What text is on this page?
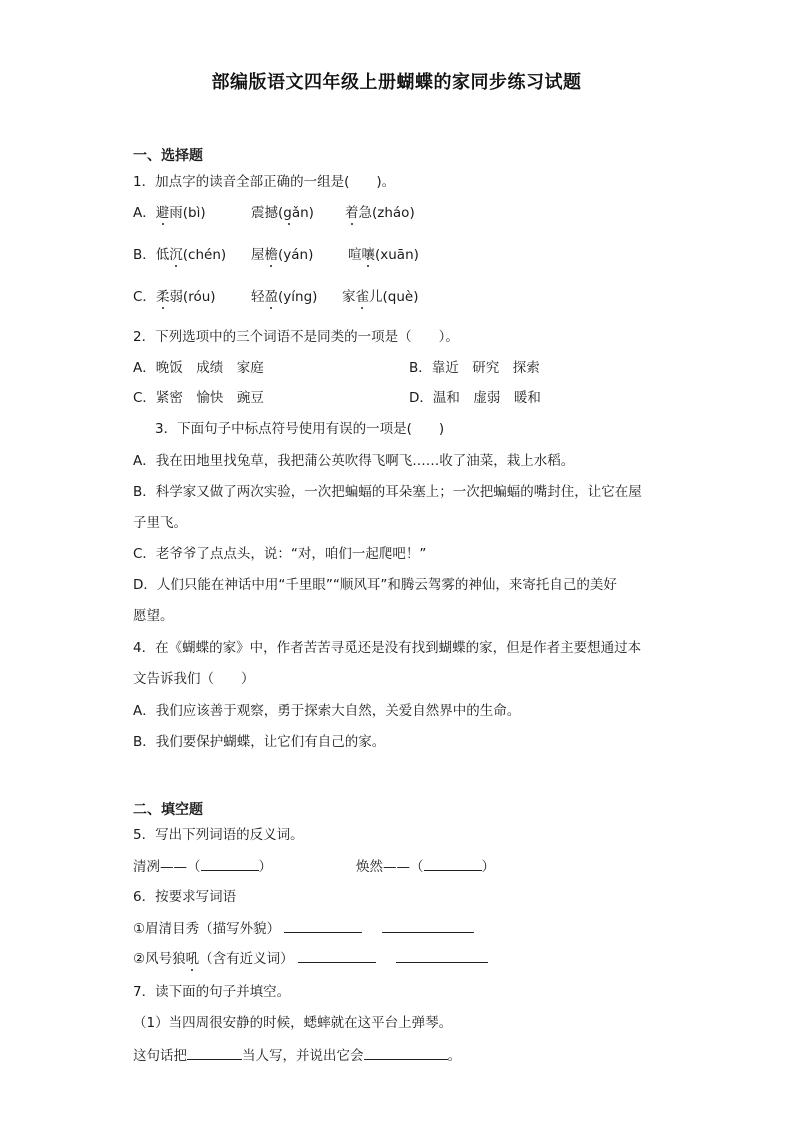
部编版语文四年级上册蝴蝶的家同步练习试题
一、选择题
1．加点字的读音全部正确的一组是(　　)。
A．避雨(bì)	震撼(gǎn) 着急(zháo)
B．低沉(chén) 屋檐(yán)	喧嚷(xuān)
C．柔弱(róu)	轻盈(yíng) 家雀儿(què)
2．下列选项中的三个词语不是同类的一项是（　　）。
A．晚饭　成绩　家庭	B．靠近　研究　探索
C．紧密　愉快　豌豆	D．温和　虚弱　暖和
3．下面句子中标点符号使用有误的一项是(　　)
A．我在田地里找兔草，我把蒲公英吹得飞啊飞……收了油菜，栽上水稻。
B．科学家又做了两次实验，一次把蝙蝠的耳朵塞上；一次把蝙蝠的嘴封住，让它在屋
子里飞。
C．老爷爷了点点头，说：“对，咱们一起爬吧！”
D．人们只能在神话中用“千里眼”“顺风耳”和腾云驾雾的神仙，来寄托自己的美好
愿望。
4．在《蝴蝶的家》中，作者苦苦寻觅还是没有找到蝴蝶的家，但是作者主要想通过本
文告诉我们（　　）
A．我们应该善于观察，勇于探索大自然，关爱自然界中的生命。
B．我们要保护蝴蝶，让它们有自己的家。
二、填空题
5．写出下列词语的反义词。
清冽——（	）	焕然——（	）
6．按要求写词语
①眉清目秀（描写外貌）
②风号狼吼（含有近义词）
7．读下面的句子并填空。
（1）当四周很安静的时候，蟋蟀就在这平台上弹琴。
这句话把	当人写，并说出它会	。
